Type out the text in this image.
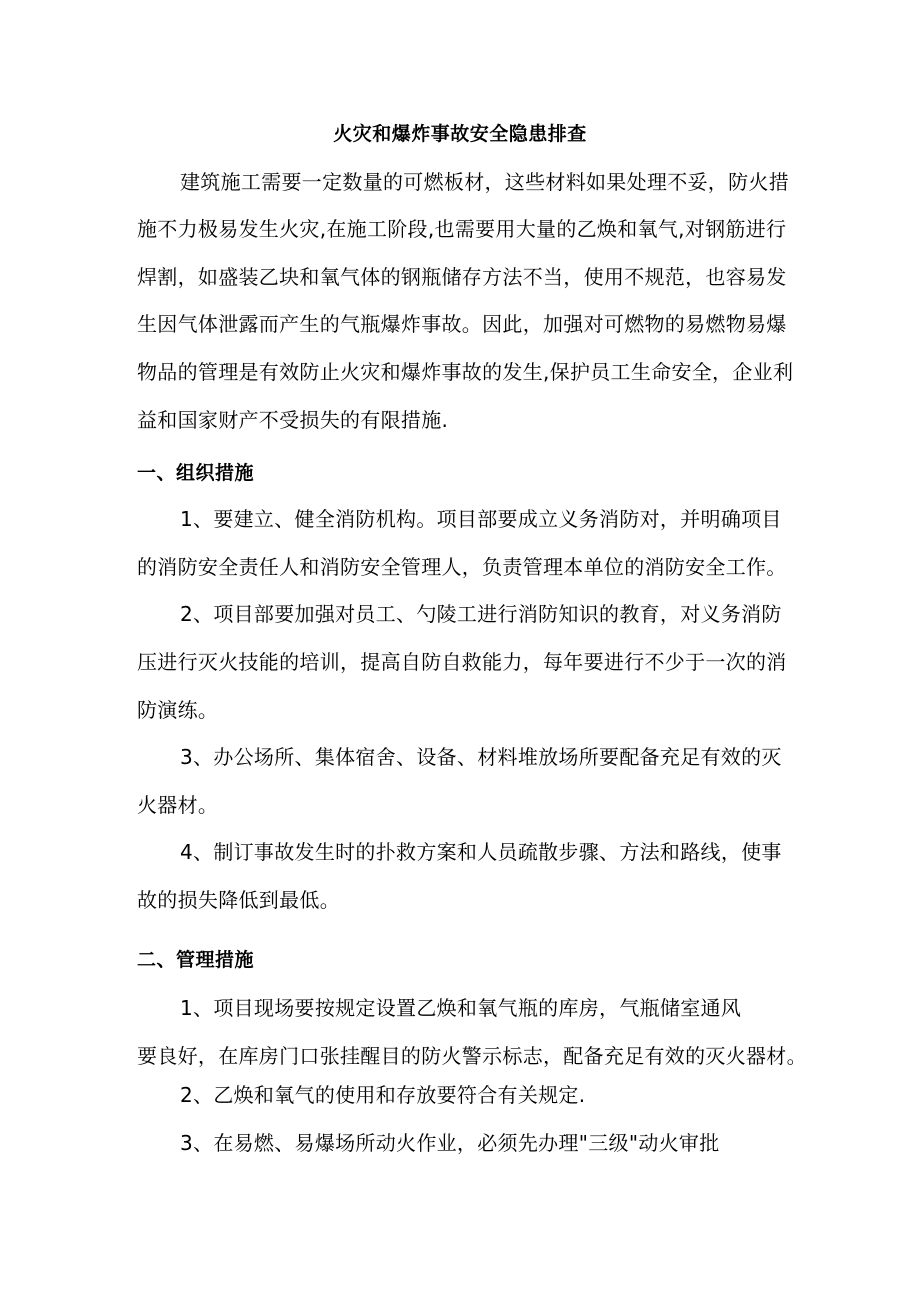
火灾和爆炸事故安全隐患排查
建筑施工需要一定数量的可燃板材，这些材料如果处理不妥，防火措
施不力极易发生火灾,在施工阶段,也需要用大量的乙焕和氧气,对钢筋进行
焊割，如盛装乙块和氧气体的钢瓶储存方法不当，使用不规范，也容易发
生因气体泄露而产生的气瓶爆炸事故。因此，加强对可燃物的易燃物易爆
物品的管理是有效防止火灾和爆炸事故的发生,保护员工生命安全，企业利
益和国家财产不受损失的有限措施.
一、组织措施
1、要建立、健全消防机构。项目部要成立义务消防对，并明确项目
的消防安全责任人和消防安全管理人，负责管理本单位的消防安全工作。
2、项目部要加强对员工、勺陵工进行消防知识的教育，对义务消防
压进行灭火技能的培训，提高自防自救能力，每年要进行不少于一次的消
防演练。
3、办公场所、集体宿舍、设备、材料堆放场所要配备充足有效的灭
火器材。
4、制订事故发生时的扑救方案和人员疏散步骤、方法和路线，使事
故的损失降低到最低。
二、管理措施
1、项目现场要按规定设置乙焕和氧气瓶的库房，气瓶储室通风
要良好，在库房门口张挂醒目的防火警示标志，配备充足有效的灭火器材。
2、乙焕和氧气的使用和存放要符合有关规定.
3、在易燃、易爆场所动火作业，必须先办理"三级"动火审批
